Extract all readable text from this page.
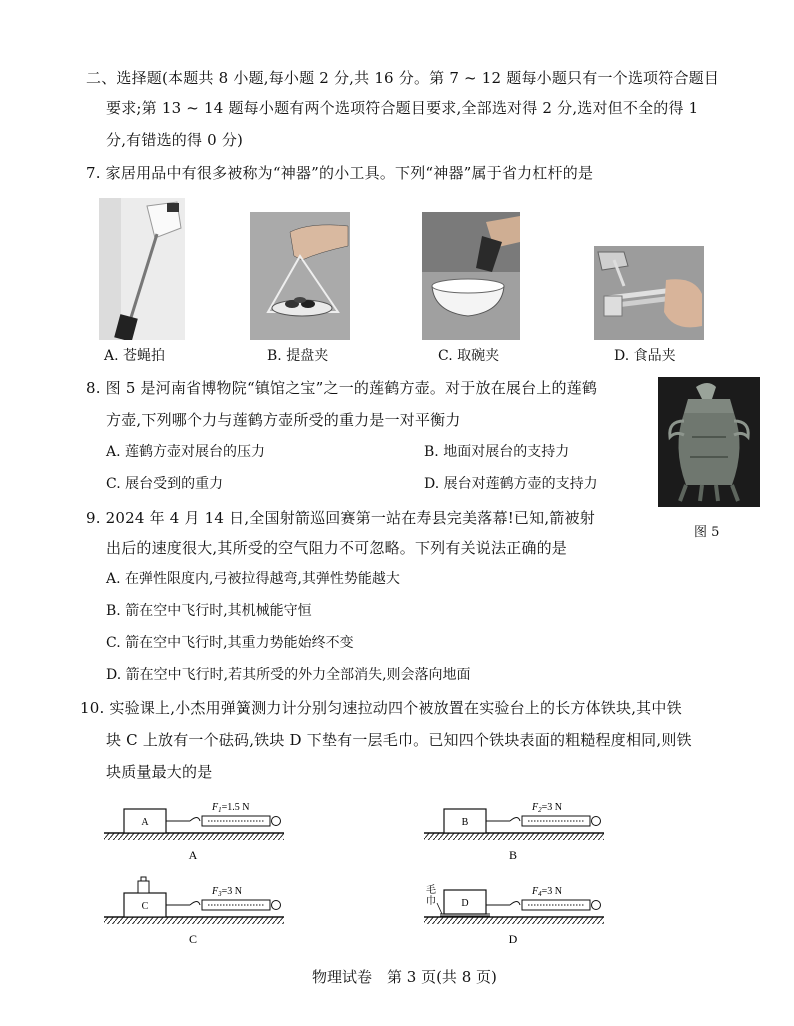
二、选择题(本题共 8 小题,每小题 2 分,共 16 分。第 7 ~ 12 题每小题只有一个选项符合题目
要求;第 13 ~ 14 题每小题有两个选项符合题目要求,全部选对得 2 分,选对但不全的得 1
分,有错选的得 0 分)
7. 家居用品中有很多被称为“神器”的小工具。下列“神器”属于省力杠杆的是
A. 苍蝇拍	B. 提盘夹	C. 取碗夹	D. 食品夹
8. 图 5 是河南省博物院“镇馆之宝”之一的莲鹤方壶。对于放在展台上的莲鹤
方壶,下列哪个力与莲鹤方壶所受的重力是一对平衡力
A. 莲鹤方壶对展台的压力	B. 地面对展台的支持力
C. 展台受到的重力	D. 展台对莲鹤方壶的支持力
图 5
9. 2024 年 4 月 14 日,全国射箭巡回赛第一站在寿县完美落幕!已知,箭被射
出后的速度很大,其所受的空气阻力不可忽略。下列有关说法正确的是
A. 在弹性限度内,弓被拉得越弯,其弹性势能越大
B. 箭在空中飞行时,其机械能守恒
C. 箭在空中飞行时,其重力势能始终不变
D. 箭在空中飞行时,若其所受的外力全部消失,则会落向地面
10. 实验课上,小杰用弹簧测力计分别匀速拉动四个被放置在实验台上的长方体铁块,其中铁
块 C 上放有一个砝码,铁块 D 下垫有一层毛巾。已知四个铁块表面的粗糙程度相同,则铁
块质量最大的是
A
$F_1=1.5$ N
A
B
$F_2=3$ N
B
C
$F_3=3$ N
C
毛巾	D
$F_4=3$ N
D
物理试卷　第 3 页(共 8 页)
